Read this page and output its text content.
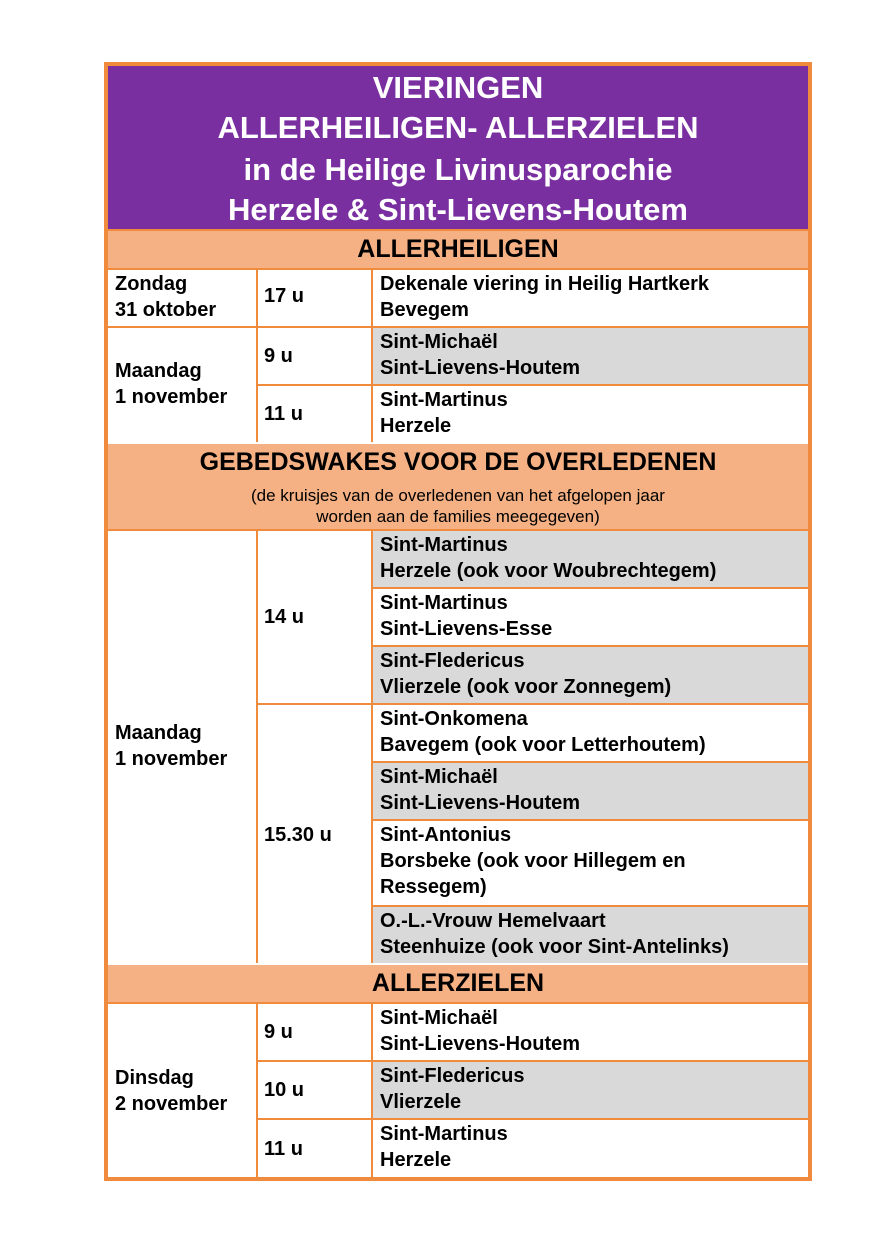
VIERINGEN
ALLERHEILIGEN- ALLERZIELEN
in de Heilige Livinusparochie
Herzele & Sint-Lievens-Houtem
ALLERHEILIGEN
Zondag
31 oktober
17 u
Dekenale viering in Heilig Hartkerk
Bevegem
Maandag
1 november
9 u
Sint-Michaël
Sint-Lievens-Houtem
11 u
Sint-Martinus
Herzele
GEBEDSWAKES VOOR DE OVERLEDENEN
(de kruisjes van de overledenen van het afgelopen jaar
worden aan de families meegegeven)
Maandag
1 november
14 u
Sint-Martinus
Herzele (ook voor Woubrechtegem)
Sint-Martinus
Sint-Lievens-Esse
Sint-Fledericus
Vlierzele (ook voor Zonnegem)
15.30 u
Sint-Onkomena
Bavegem (ook voor Letterhoutem)
Sint-Michaël
Sint-Lievens-Houtem
Sint-Antonius
Borsbeke (ook voor Hillegem en
Ressegem)
O.-L.-Vrouw Hemelvaart
Steenhuize (ook voor Sint-Antelinks)
ALLERZIELEN
Dinsdag
2 november
9 u
Sint-Michaël
Sint-Lievens-Houtem
10 u
Sint-Fledericus
Vlierzele
11 u
Sint-Martinus
Herzele
